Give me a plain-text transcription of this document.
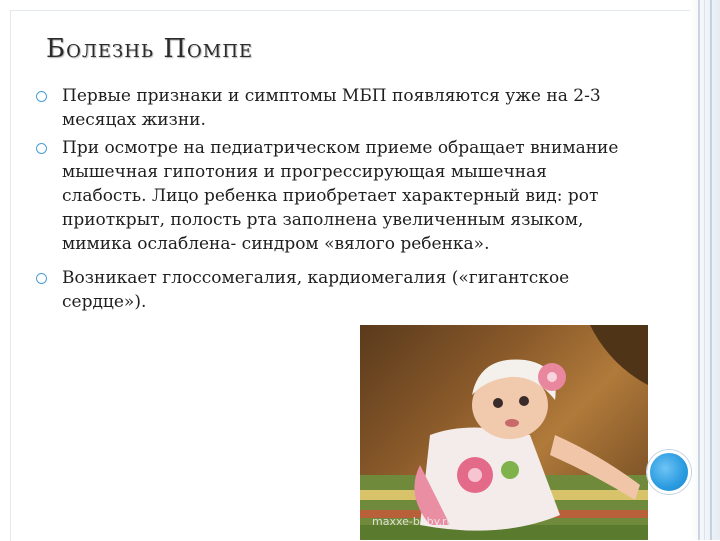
Болезнь Помпе
Первые признаки и симптомы МБП появляются уже на 2-3 месяцах жизни.
При осмотре на педиатрическом приеме обращает внимание мышечная гипотония и прогрессирующая мышечная слабость. Лицо ребенка приобретает характерный вид: рот приоткрыт, полость рта заполнена увеличенным языком, мимика ослаблена- синдром «вялого ребенка».
Возникает глоссомегалия, кардиомегалия («гигантское сердце»).
maxxe-baby.ru
